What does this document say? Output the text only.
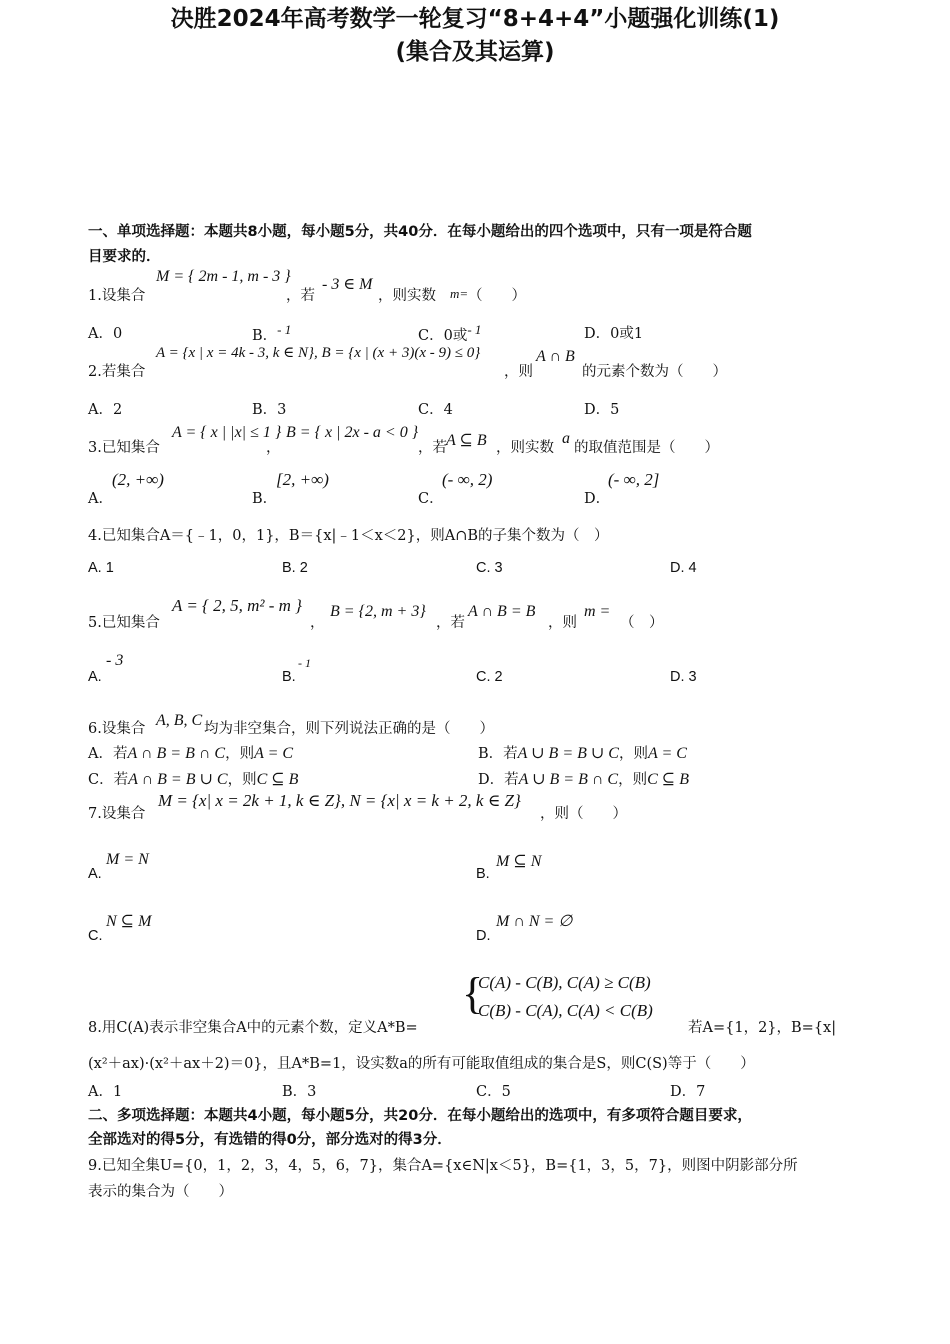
决胜2024年高考数学一轮复习“8+4+4”小题强化训练(1)
(集合及其运算)
一、单项选择题：本题共8小题，每小题5分，共40分．在每小题给出的四个选项中，只有一项是符合题
目要求的．
1.设集合
M = { 2m - 1, m - 3 }
，若
- 3 ∈ M
，则实数 m= （　　）
A．0	B．- 1	C．0或- 1	D．0或1
2.若集合
A = {x | x = 4k - 3, k ∈ N}, B = {x | (x + 3)(x - 9) ≤ 0}
，则
A ∩ B
的元素个数为（　　）
A．2	B．3	C．4	D．5
3.已知集合
A = { x | |x| ≤ 1 }
，
B = { x | 2x - a < 0 }
，若 A ⊆ B ，则实数
a
的取值范围是（　　）
A．
(2, +∞)
B．
[2, +∞)
C．
(- ∞, 2)
D．
(- ∞, 2]
4.已知集合A＝{﹣1，0，1}，B＝{x|﹣1＜x＜2}，则A∩B的子集个数为（　）
A. 1	B. 2	C. 3	D. 4
5.已知集合
A = { 2, 5, m² - m }
，
B = {2, m + 3}
，若
A ∩ B = B
，则
m =
（　）
A.
- 3
B.
- 1
C. 2	D. 3
6.设集合 A, B, C 均为非空集合，则下列说法正确的是（　　）
A．若A ∩ B = B ∩ C，则A = C	B．若A ∪ B = B ∪ C，则A = C
C．若A ∩ B = B ∪ C，则C ⊆ B	D．若A ∪ B = B ∩ C，则C ⊆ B
7.设集合
M = {x| x = 2k + 1, k ∈ Z}, N = {x| x = k + 2, k ∈ Z}
，则（　　）
A.
M = N
B.
M ⊆ N
C.
N ⊆ M
D.
M ∩ N = ∅
{
C(A) - C(B), C(A) ≥ C(B)
C(B) - C(A), C(A) < C(B)
8.用C(A)表示非空集合A中的元素个数，定义A*B=	若A={1，2}，B={x|
(x²＋ax)·(x²＋ax＋2)＝0}，且A*B=1，设实数a的所有可能取值组成的集合是S，则C(S)等于（　　）
A．1	B．3	C．5	D．7
二、多项选择题：本题共4小题，每小题5分，共20分．在每小题给出的选项中，有多项符合题目要求，
全部选对的得5分，有选错的得0分，部分选对的得3分．
9.已知全集U={0，1，2，3，4，5，6，7}，集合A={x∈N|x＜5}，B={1，3，5，7}，则图中阴影部分所
表示的集合为（　　）
